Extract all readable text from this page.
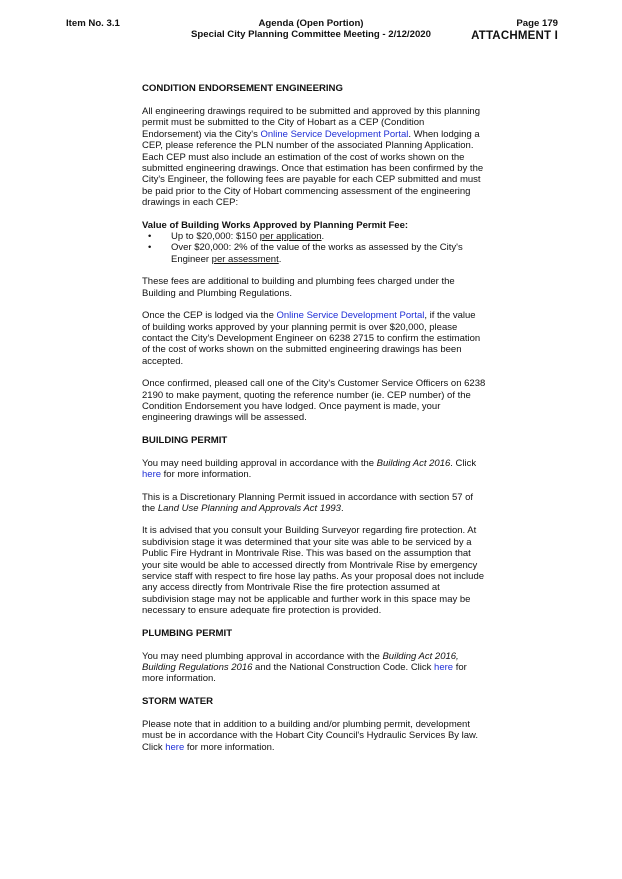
Item No. 3.1	Agenda (Open Portion)
Special City Planning Committee Meeting - 2/12/2020
Page 179
ATTACHMENT I
CONDITION ENDORSEMENT ENGINEERING

All engineering drawings required to be submitted and approved by this planning permit must be submitted to the City of Hobart as a CEP (Condition Endorsement) via the City's Online Service Development Portal. When lodging a CEP, please reference the PLN number of the associated Planning Application. Each CEP must also include an estimation of the cost of works shown on the submitted engineering drawings. Once that estimation has been confirmed by the City's Engineer, the following fees are payable for each CEP submitted and must be paid prior to the City of Hobart commencing assessment of the engineering drawings in each CEP:

Value of Building Works Approved by Planning Permit Fee:
• Up to $20,000: $150 per application.
• Over $20,000: 2% of the value of the works as assessed by the City's Engineer per assessment.

These fees are additional to building and plumbing fees charged under the Building and Plumbing Regulations.

Once the CEP is lodged via the Online Service Development Portal, if the value of building works approved by your planning permit is over $20,000, please contact the City's Development Engineer on 6238 2715 to confirm the estimation of the cost of works shown on the submitted engineering drawings has been accepted.

Once confirmed, pleased call one of the City's Customer Service Officers on 6238 2190 to make payment, quoting the reference number (ie. CEP number) of the Condition Endorsement you have lodged. Once payment is made, your engineering drawings will be assessed.

BUILDING PERMIT

You may need building approval in accordance with the Building Act 2016. Click here for more information.

This is a Discretionary Planning Permit issued in accordance with section 57 of the Land Use Planning and Approvals Act 1993.

It is advised that you consult your Building Surveyor regarding fire protection. At subdivision stage it was determined that your site was able to be serviced by a Public Fire Hydrant in Montrivale Rise. This was based on the assumption that your site would be able to accessed directly from Montrivale Rise by emergency service staff with respect to fire hose lay paths. As your proposal does not include any access directly from Montrivale Rise the fire protection assumed at subdivision stage may not be applicable and further work in this space may be necessary to ensure adequate fire protection is provided.

PLUMBING PERMIT

You may need plumbing approval in accordance with the Building Act 2016, Building Regulations 2016 and the National Construction Code. Click here for more information.

STORM WATER

Please note that in addition to a building and/or plumbing permit, development must be in accordance with the Hobart City Council's Hydraulic Services By law. Click here for more information.
